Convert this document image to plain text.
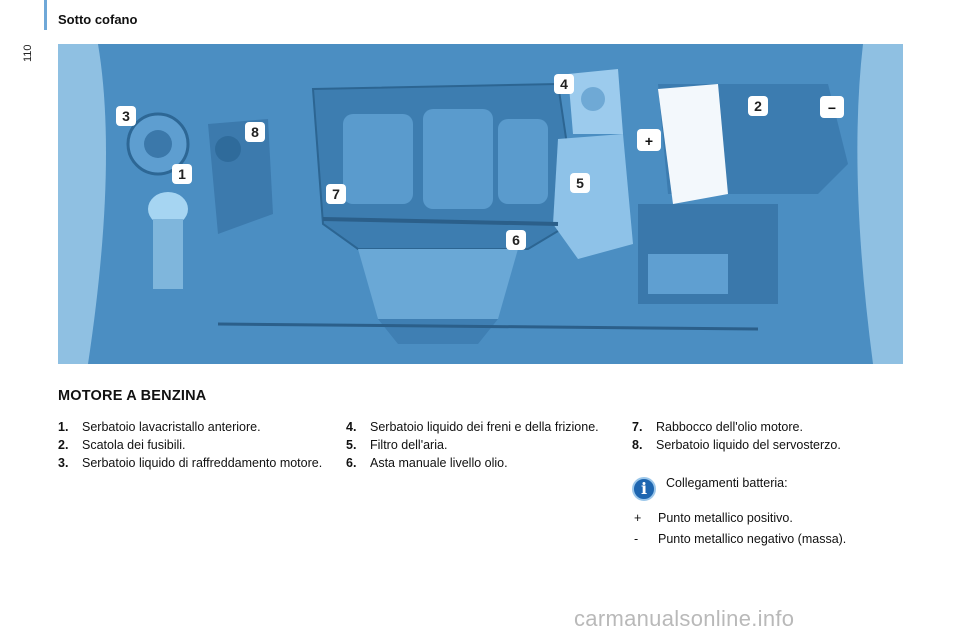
110
Sotto cofano
3
1
8
7
4
5
6
2
+
−
MOTORE A BENZINA
1.	Serbatoio lavacristallo anteriore.
2.	Scatola dei fusibili.
3.	Serbatoio liquido di raffreddamento motore.
4.	Serbatoio liquido dei freni e della frizione.
5.	Filtro dell'aria.
6.	Asta manuale livello olio.
7.	Rabbocco dell'olio motore.
8.	Serbatoio liquido del servosterzo.
i	Collegamenti batteria:
+	Punto metallico positivo.
-	Punto metallico negativo (massa).
carmanualsonline.info
